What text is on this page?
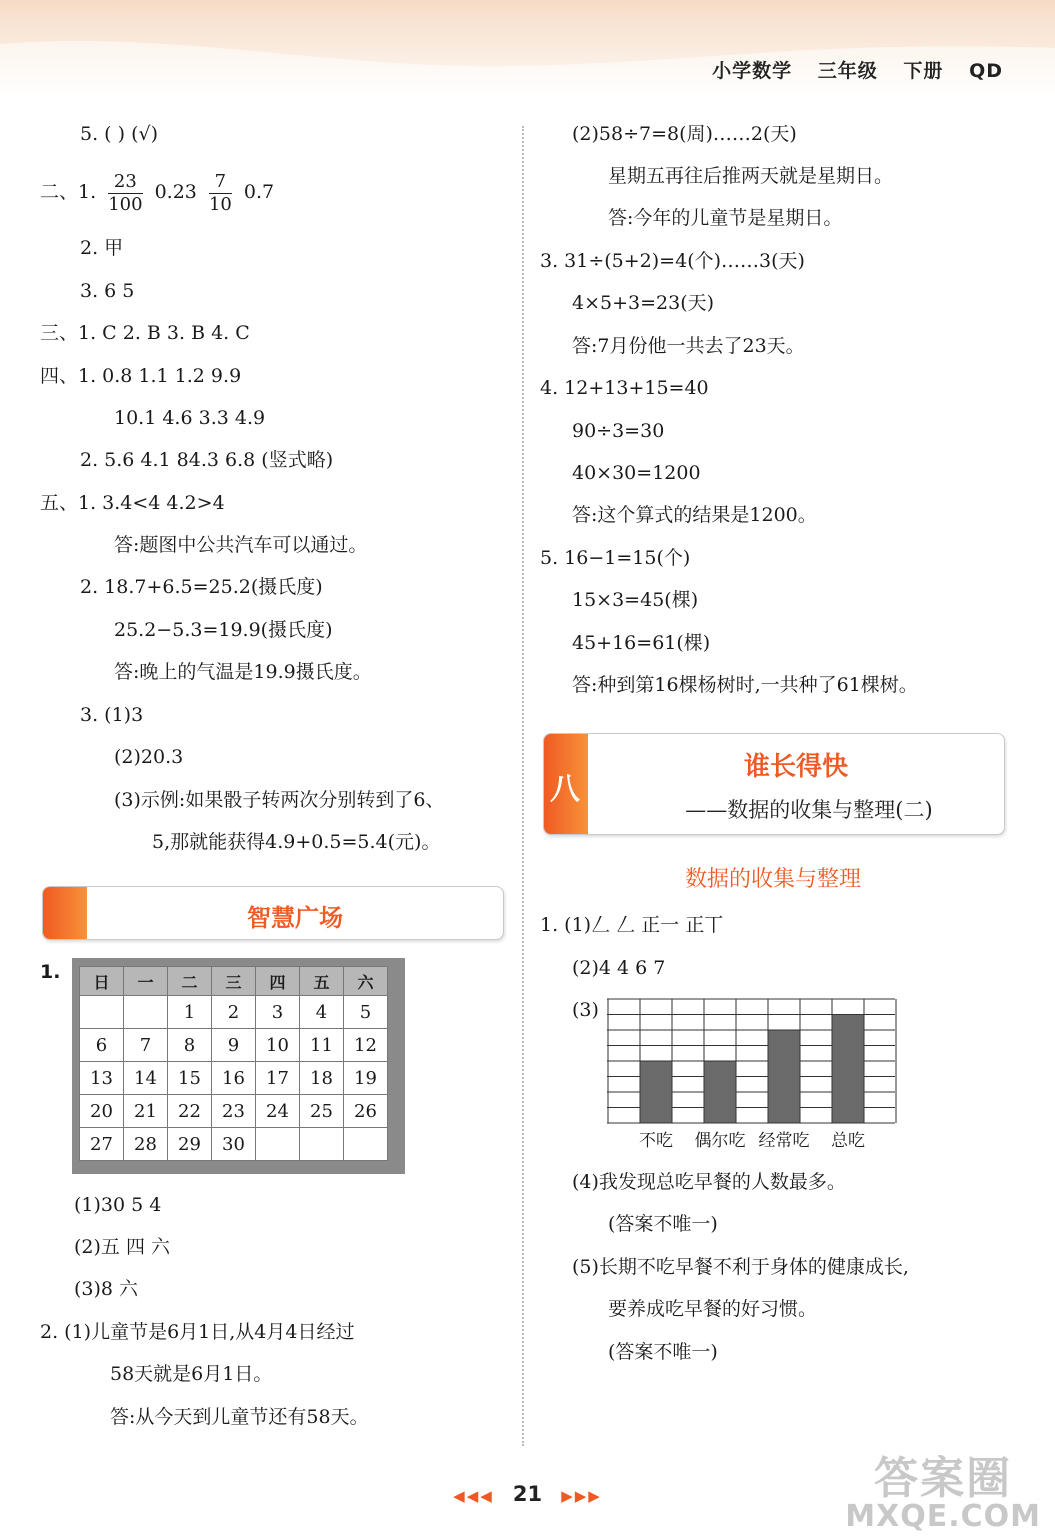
小学数学 三年级 下册 QD
5. ( ) (√)
二、1. $\frac{23}{100} 0.23 \frac{7}{10} 0.7$
2. 甲
3. 6 5
三、1. C 2. B 3. B 4. C
四、1. 0.8 1.1 1.2 9.9
10.1 4.6 3.3 4.9
2. 5.6 4.1 84.3 6.8 (竖式略)
五、1. 3.4<4 4.2>4
答:题图中公共汽车可以通过。
2. 18.7+6.5=25.2(摄氏度)
25.2−5.3=19.9(摄氏度)
答:晚上的气温是19.9摄氏度。
3. (1)3
(2)20.3
(3)示例:如果骰子转两次分别转到了6、
5,那就能获得4.9+0.5=5.4(元)。
智慧广场
1. 日	一	二	三	四	五	六
		1	2	3	4	5
6	7	8	9	10	11	12
13	14	15	16	17	18	19
20	21	22	23	24	25	26
27	28	29	30			
(1)30 5 4
(2)五 四 六
(3)8 六
2. (1)儿童节是6月1日,从4月4日经过
58天就是6月1日。
答:从今天到儿童节还有58天。
(2)58÷7=8(周)……2(天)
星期五再往后推两天就是星期日。
答:今年的儿童节是星期日。
3. 31÷(5+2)=4(个)……3(天)
4×5+3=23(天)
答:7月份他一共去了23天。
4. 12+13+15=40
90÷3=30
40×30=1200
答:这个算式的结果是1200。
5. 16−1=15(个)
15×3=45(棵)
45+16=61(棵)
答:种到第16棵杨树时,一共种了61棵树。
八
谁长得快
——数据的收集与整理(二)
数据的收集与整理
1. (1)𠃋 𠃋 正一 正丅
(2)4 4 6 7
(3)
不吃 偶尔吃 经常吃 总吃
(4)我发现总吃早餐的人数最多。
(答案不唯一)
(5)长期不吃早餐不利于身体的健康成长,
要养成吃早餐的好习惯。
(答案不唯一)
◀◀◀ 21 ▶▶▶	答案圈
MXQE.COM
